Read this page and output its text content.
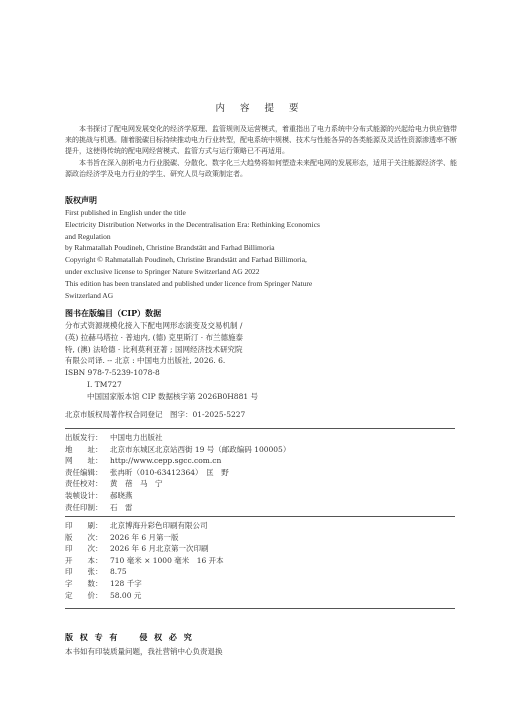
内 容 提 要

本书探讨了配电网发展变化的经济学原理、监管规则及运营模式，着重指出了电力系统中分布式能源的兴起给电力供应链带来的挑战与机遇。随着脱碳目标持续推动电力行业转型，配电系统中规模、技术与性能各异的各类能源及灵活性资源渗透率不断提升，这使得传统的配电网经营模式、监管方式与运行策略已不再适用。

本书旨在深入剖析电力行业脱碳、分散化、数字化三大趋势将如何塑造未来配电网的发展形态，适用于关注能源经济学、能源政治经济学及电力行业的学生、研究人员与政策制定者。

版权声明
First published in English under the title
Electricity Distribution Networks in the Decentralisation Era: Rethinking Economics
and Regulation
by Rahmatallah Poudineh, Christine Brandstätt and Farhad Billimoria
Copyright © Rahmatallah Poudineh, Christine Brandstätt and Farhad Billimoria,
under exclusive license to Springer Nature Switzerland AG 2022
This edition has been translated and published under licence from Springer Nature
Switzerland AG
图书在版编目（CIP）数据
分布式资源规模化接入下配电网形态演变及交易机制 /
(英) 拉赫马塔拉 · 普迪内, (德) 克里斯汀 · 布兰德施泰
特, (澳) 法哈德 · 比利莫利亚著 ; 国网经济技术研究院
有限公司译. -- 北京 : 中国电力出版社, 2026. 6.
ISBN 978-7-5239-1078-8
Ⅰ. TM727
中国国家版本馆 CIP 数据核字第 2026B0H881 号
北京市版权局著作权合同登记　图字：01-2025-5227
出版发行：	中国电力出版社
地　　址：	北京市东城区北京站西街 19 号（邮政编码 100005）
网　　址：	http://www.cepp.sgcc.com.cn
责任编辑：	张冉昕（010-63412364）　匡　野
责任校对：	黄　蓓　马　宁
装帧设计：	郝晓燕
责任印制：	石　雷
印　　刷：	北京博海升彩色印刷有限公司
版　　次：	2026 年 6 月第一版
印　　次：	2026 年 6 月北京第一次印刷
开　　本：	710 毫米 × 1000 毫米　16 开本
印　　张：	8.75
字　　数：	128 千字
定　　价：	58.00 元
版 权 专 有　　侵 权 必 究
本书如有印装质量问题，我社营销中心负责退换
